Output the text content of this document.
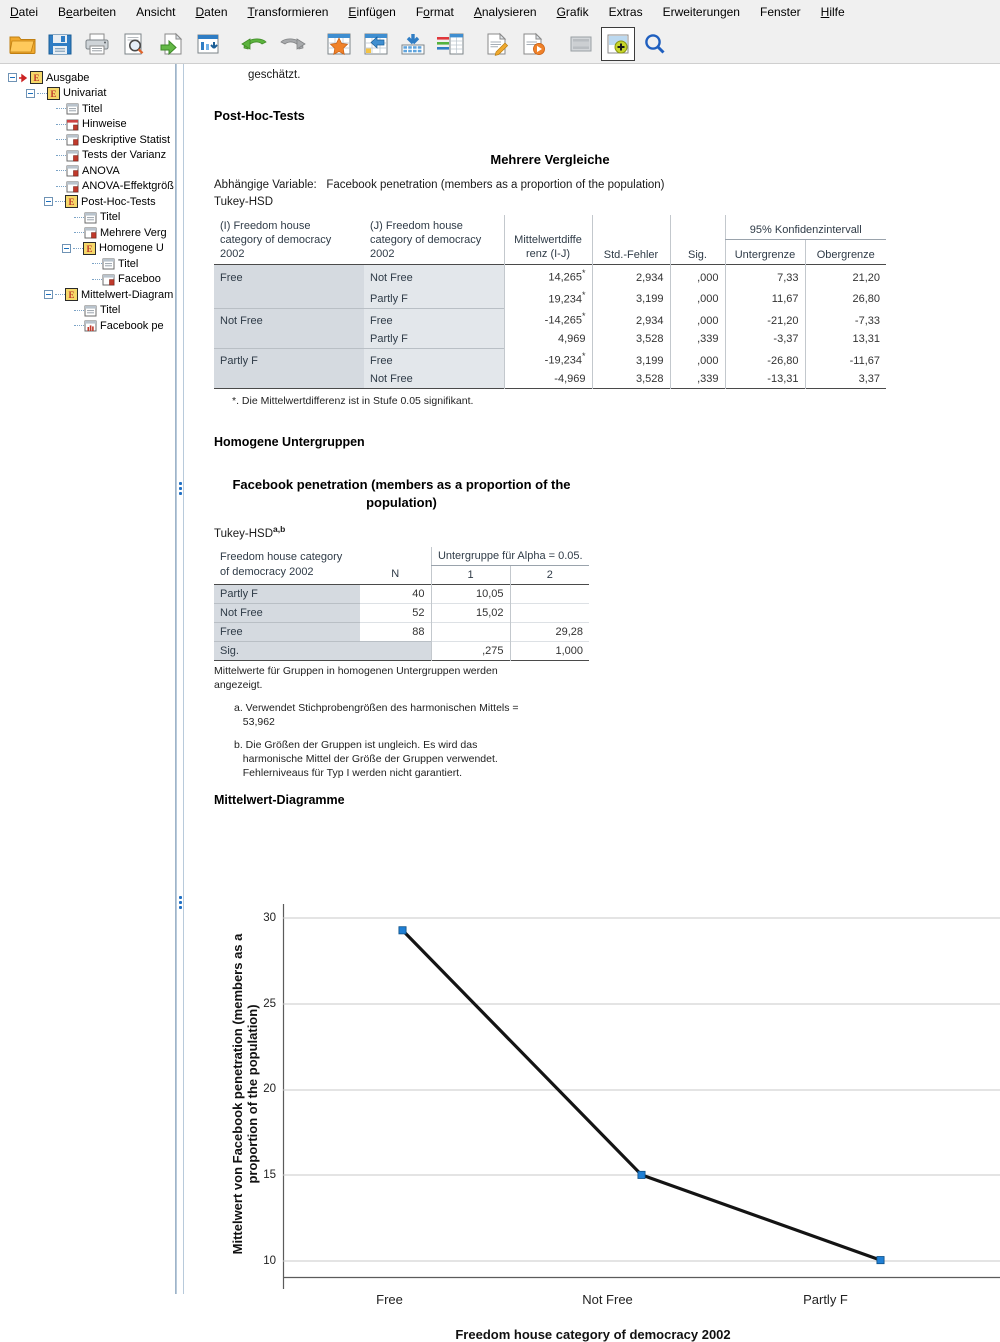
Datei	Bearbeiten	Ansicht	Daten	Transformieren	Einfügen	Format	Analysieren	Grafik	Extras	Erweiterungen	Fenster	Hilfe
E Ausgabe
E Univariat
Titel
Hinweise
Deskriptive Statist
Tests der Varianz
ANOVA
ANOVA-Effektgröß
E Post-Hoc-Tests
Titel
Mehrere Verg
E Homogene U
Titel
Faceboo
E Mittelwert-Diagram
Titel
Facebook pe
geschätzt.
Post-Hoc-Tests
Mehrere Vergleiche
Abhängige Variable: Facebook penetration (members as a proportion of the population)
Tukey-HSD
(I) Freedom house
category of democracy
2002	(J) Freedom house
category of democracy
2002	Mittelwertdiffe
renz (I-J)	Std.-Fehler	Sig.	95% Konfidenzintervall	
					Untergrenze	Obergrenze
Free	Not Free	14,265*	2,934	,000	7,33	21,20
	Partly F	19,234*	3,199	,000	11,67	26,80
Not Free	Free	-14,265*	2,934	,000	-21,20	-7,33
	Partly F	4,969	3,528	,339	-3,37	13,31
Partly F	Free	-19,234*	3,199	,000	-26,80	-11,67
	Not Free	-4,969	3,528	,339	-13,31	3,37
*. Die Mittelwertdifferenz ist in Stufe 0.05 signifikant.
Homogene Untergruppen
Facebook penetration (members as a proportion of the
population)
Tukey-HSD$^{a,b}$
Freedom house category
of democracy 2002	N	Untergruppe für Alpha = 0.05.	
		1	2
Partly F	40	10,05	
Not Free	52	15,02	
Free	88		29,28
Sig.		,275	1,000
Mittelwerte für Gruppen in homogenen Untergruppen werden
angezeigt.
a. Verwendet Stichprobengrößen des harmonischen Mittels =
53,962
b. Die Größen der Gruppen ist ungleich. Es wird das
harmonische Mittel der Größe der Gruppen verwendet.
Fehlerniveaus für Typ I werden nicht garantiert.
Mittelwert-Diagramme
Mittelwert von Facebook penetration (members as a
proportion of the population)
30
25
20
15
10
Free	Not Free	Partly F
Freedom house category of democracy 2002
